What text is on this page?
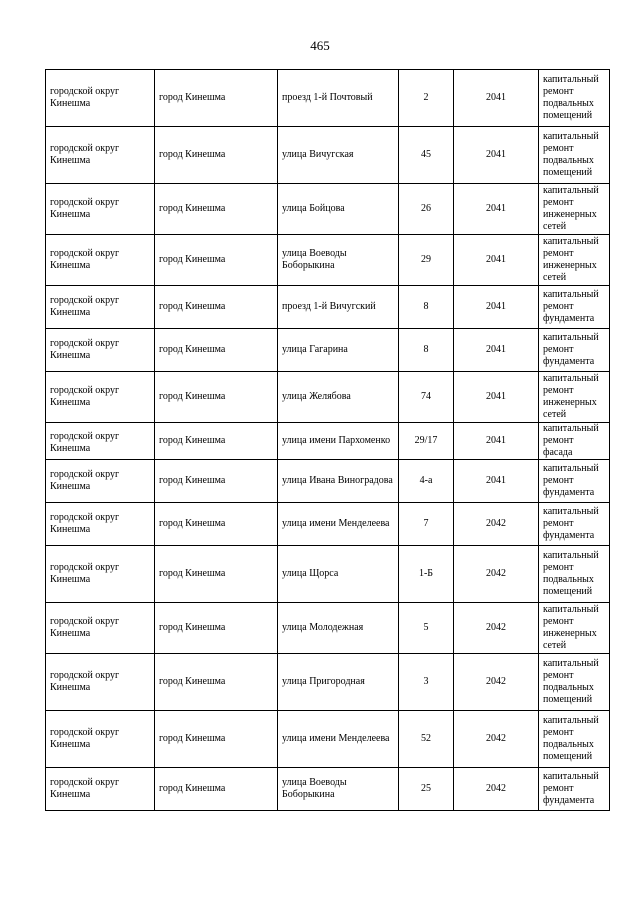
465
городской округ Кинешма	город Кинешма	проезд 1-й Почтовый	2	2041	капитальный ремонт подвальных помещений
городской округ Кинешма	город Кинешма	улица Вичугская	45	2041	капитальный ремонт подвальных помещений
городской округ Кинешма	город Кинешма	улица Бойцова	26	2041	капитальный ремонт инженерных сетей
городской округ Кинешма	город Кинешма	улица Воеводы Боборыкина	29	2041	капитальный ремонт инженерных сетей
городской округ Кинешма	город Кинешма	проезд 1-й Вичугский	8	2041	капитальный ремонт фундамента
городской округ Кинешма	город Кинешма	улица Гагарина	8	2041	капитальный ремонт фундамента
городской округ Кинешма	город Кинешма	улица Желябова	74	2041	капитальный ремонт инженерных сетей
городской округ Кинешма	город Кинешма	улица имени Пархоменко	29/17	2041	капитальный ремонт фасада
городской округ Кинешма	город Кинешма	улица Ивана Виноградова	4-а	2041	капитальный ремонт фундамента
городской округ Кинешма	город Кинешма	улица имени Менделеева	7	2042	капитальный ремонт фундамента
городской округ Кинешма	город Кинешма	улица Щорса	1-Б	2042	капитальный ремонт подвальных помещений
городской округ Кинешма	город Кинешма	улица Молодежная	5	2042	капитальный ремонт инженерных сетей
городской округ Кинешма	город Кинешма	улица Пригородная	3	2042	капитальный ремонт подвальных помещений
городской округ Кинешма	город Кинешма	улица имени Менделеева	52	2042	капитальный ремонт подвальных помещений
городской округ Кинешма	город Кинешма	улица Воеводы Боборыкина	25	2042	капитальный ремонт фундамента
